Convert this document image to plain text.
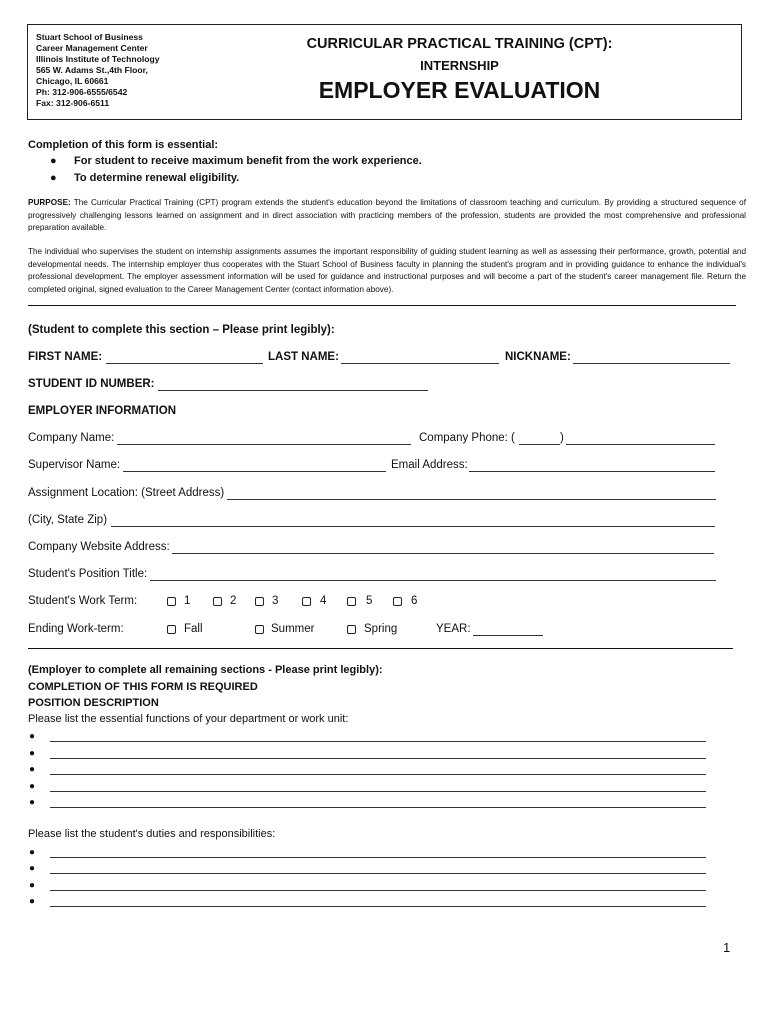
Stuart School of Business
Career Management Center
Illinois Institute of Technology
565 W. Adams St.,4th Floor,
Chicago, IL 60661
Ph: 312-906-6555/6542
Fax: 312-906-6511
CURRICULAR PRACTICAL TRAINING (CPT):
INTERNSHIP
EMPLOYER EVALUATION
Completion of this form is essential:
● For student to receive maximum benefit from the work experience.
● To determine renewal eligibility.
PURPOSE: The Curricular Practical Training (CPT) program extends the student's education beyond the limitations of classroom teaching and curriculum. By providing a structured sequence of progressively challenging lessons learned on assignment and in direct association with practicing members of the profession, students are provided the most comprehensive and professional preparation available.
The individual who supervises the student on internship assignments assumes the important responsibility of guiding student learning as well as assessing their performance, growth, potential and developmental needs. The internship employer thus cooperates with the Stuart School of Business faculty in planning the student's program and in providing guidance to enhance the individual's professional development. The employer assessment information will be used for guidance and instructional purposes and will become a part of the student's career management file. Return the completed original, signed evaluation to the Career Management Center (contact information above).
(Student to complete this section – Please print legibly):
FIRST NAME:	LAST NAME:	NICKNAME:
STUDENT ID NUMBER:
EMPLOYER INFORMATION
Company Name:	Company Phone: (	)
Supervisor Name:	Email Address:
Assignment Location: (Street Address)
(City, State Zip)
Company Website Address:
Student's Position Title:
Student's Work Term:	1	2	3	4	5	6
Ending Work-term:	Fall	Summer	Spring	YEAR:
(Employer to complete all remaining sections - Please print legibly):
COMPLETION OF THIS FORM IS REQUIRED
POSITION DESCRIPTION
Please list the essential functions of your department or work unit:
●
●
●
●
●
Please list the student's duties and responsibilities:
●
●
●
●
1
